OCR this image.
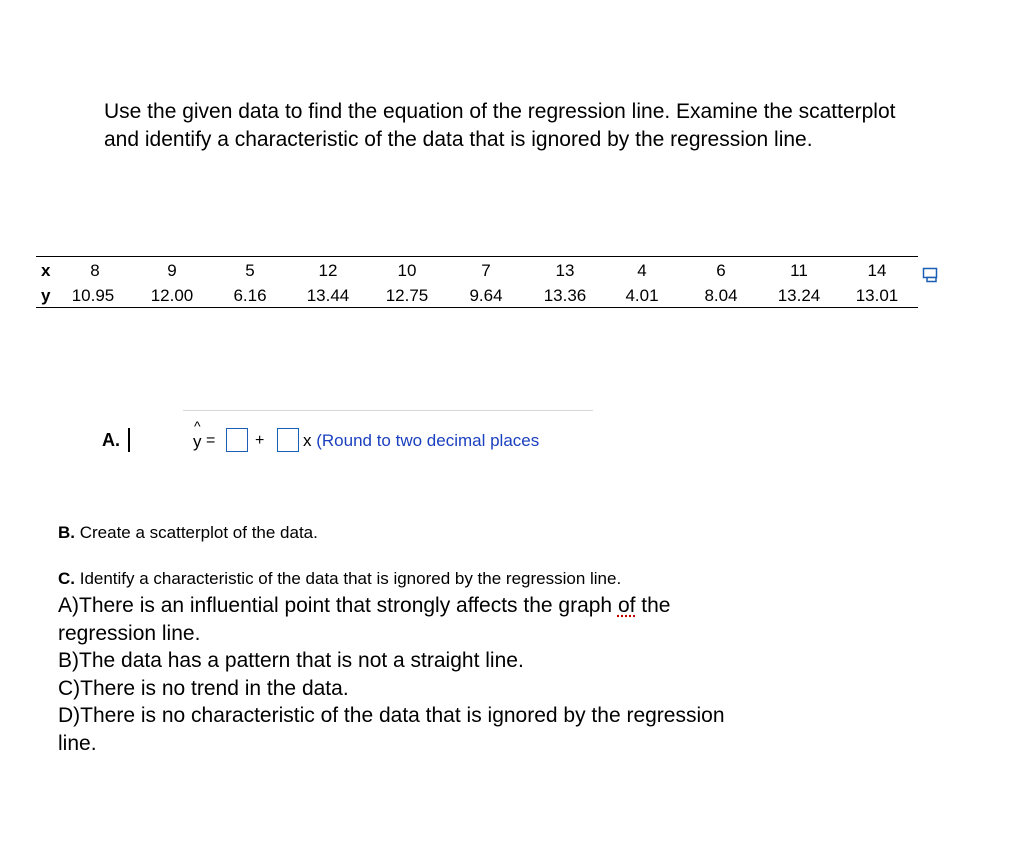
Use the given data to find the equation of the regression line. Examine the scatterplot and identify a characteristic of the data that is ignored by the regression line.
x	8	9	5	12	10	7	13	4	6	11	14
y	10.95	12.00	6.16	13.44	12.75	9.64	13.36	4.01	8.04	13.24	13.01
A.
^
y = + x (Round to two decimal places
B. Create a scatterplot of the data.
C. Identify a characteristic of the data that is ignored by the regression line.
A)There is an influential point that strongly affects the graph of the regression line.
B)The data has a pattern that is not a straight line.
C)There is no trend in the data.
D)There is no characteristic of the data that is ignored by the regression line.
